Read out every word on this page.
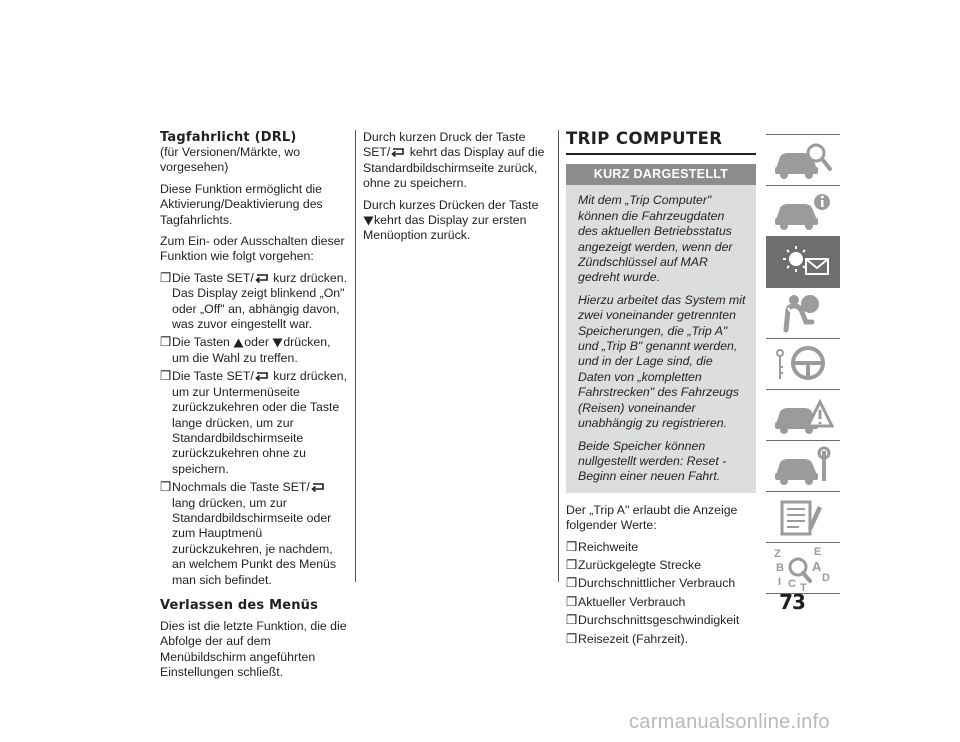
Tagfahrlicht (DRL)
(für Versionen/Märkte, wo vorgesehen)

Diese Funktion ermöglicht die Aktivierung/Deaktivierung des Tagfahrlichts.

Zum Ein- oder Ausschalten dieser Funktion wie folgt vorgehen:

❒Die Taste SET/
kurz drücken. Das Display zeigt blinkend „On" oder „Off" an, abhängig davon, was zuvor eingestellt war.
❒Die Tasten
oder
drücken, um die Wahl zu treffen.
❒Die Taste SET/
kurz drücken, um zur Untermenüseite zurückzukehren oder die Taste lange drücken, um zur Standardbildschirmseite zurückzukehren ohne zu speichern.
❒Nochmals die Taste SET/
lang drücken, um zur Standardbildschirmseite oder zum Hauptmenü zurückzukehren, je nachdem, an welchem Punkt des Menüs man sich befindet.
Verlassen des Menüs

Dies ist die letzte Funktion, die die Abfolge der auf dem Menübildschirm angeführten Einstellungen schließt.

Durch kurzen Druck der Taste SET/
kehrt das Display auf die Standardbildschirmseite zurück, ohne zu speichern.

Durch kurzes Drücken der Taste

kehrt das Display zur ersten Menüoption zurück.

TRIP COMPUTER
KURZ DARGESTELLT

Mit dem „Trip Computer" können die Fahrzeugdaten des aktuellen Betriebsstatus angezeigt werden, wenn der Zündschlüssel auf MAR gedreht wurde.

Hierzu arbeitet das System mit zwei voneinander getrennten Speicherungen, die „Trip A" und „Trip B" genannt werden, und in der Lage sind, die Daten von „kompletten Fahrstrecken" des Fahrzeugs (Reisen) voneinander unabhängig zu registrieren.

Beide Speicher können nullgestellt werden: Reset - Beginn einer neuen Fahrt.

Der „Trip A" erlaubt die Anzeige folgender Werte:

❒Reichweite
❒Zurückgelegte Strecke
❒Durchschnittlicher Verbrauch
❒Aktueller Verbrauch
❒Durchschnittsgeschwindigkeit
❒Reisezeit (Fahrzeit).
Z	E
B A
D
C T
I
73
carmanualsonline.info
